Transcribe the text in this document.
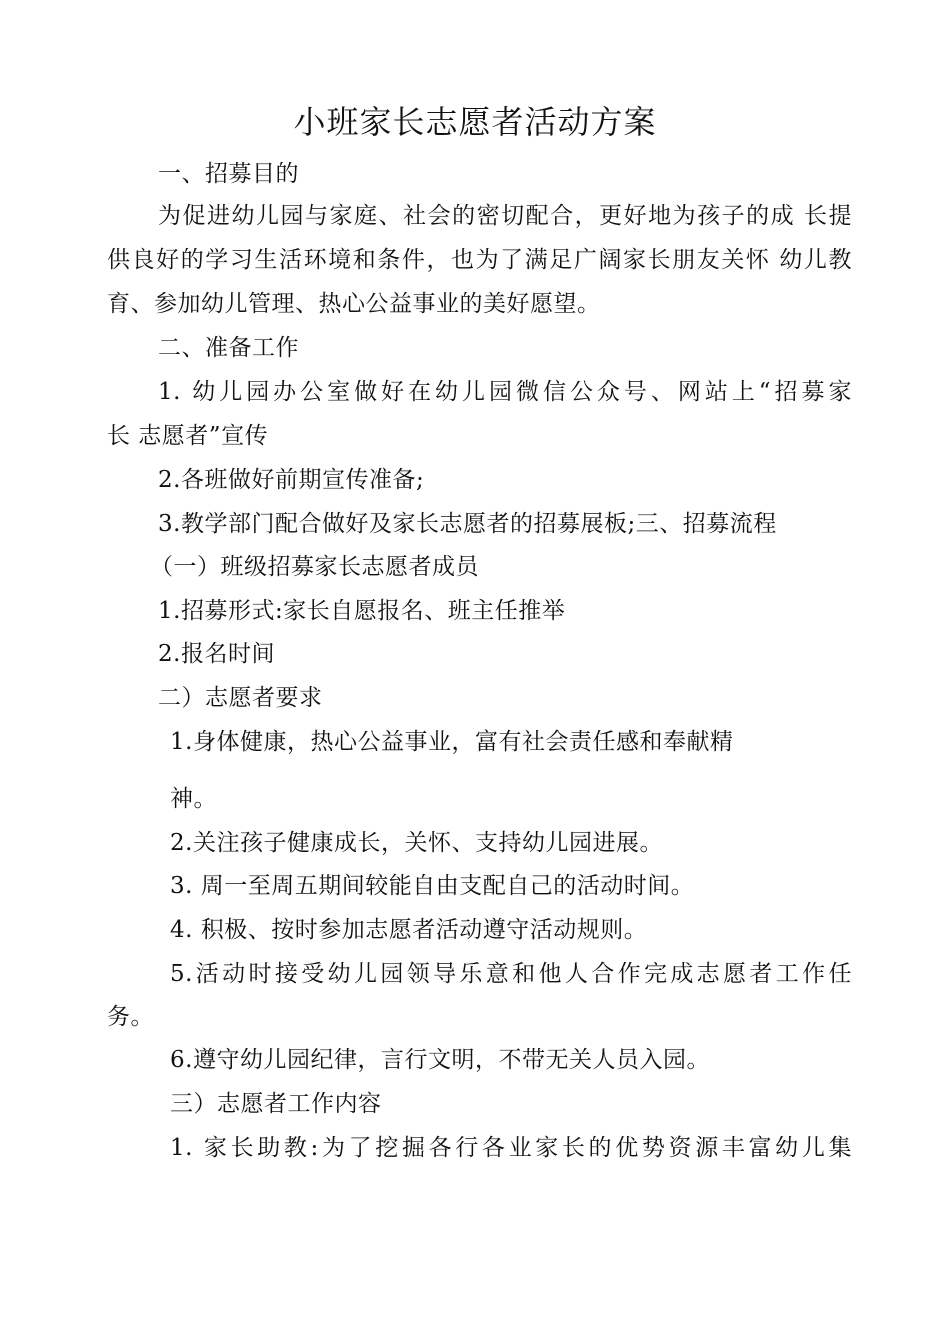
小班家长志愿者活动方案
一、招募目的
为促进幼儿园与家庭、社会的密切配合，更好地为孩子的成 长提
供良好的学习生活环境和条件，也为了满足广阔家长朋友关怀 幼儿教
育、参加幼儿管理、热心公益事业的美好愿望。
二、准备工作
1. 幼儿园办公室做好在幼儿园微信公众号、网站上“招募家
长 志愿者”宣传
2.各班做好前期宣传准备;
3.教学部门配合做好及家长志愿者的招募展板;三、招募流程
（一）班级招募家长志愿者成员
1.招募形式:家长自愿报名、班主任推举
2.报名时间
二）志愿者要求
1.身体健康，热心公益事业，富有社会责任感和奉献精
神。
2.关注孩子健康成长，关怀、支持幼儿园进展。
3. 周一至周五期间较能自由支配自己的活动时间。
4. 积极、按时参加志愿者活动遵守活动规则。
5.活动时接受幼儿园领导乐意和他人合作完成志愿者工作任
务。
6.遵守幼儿园纪律，言行文明，不带无关人员入园。
三）志愿者工作内容
1. 家长助教:为了挖掘各行各业家长的优势资源丰富幼儿集
